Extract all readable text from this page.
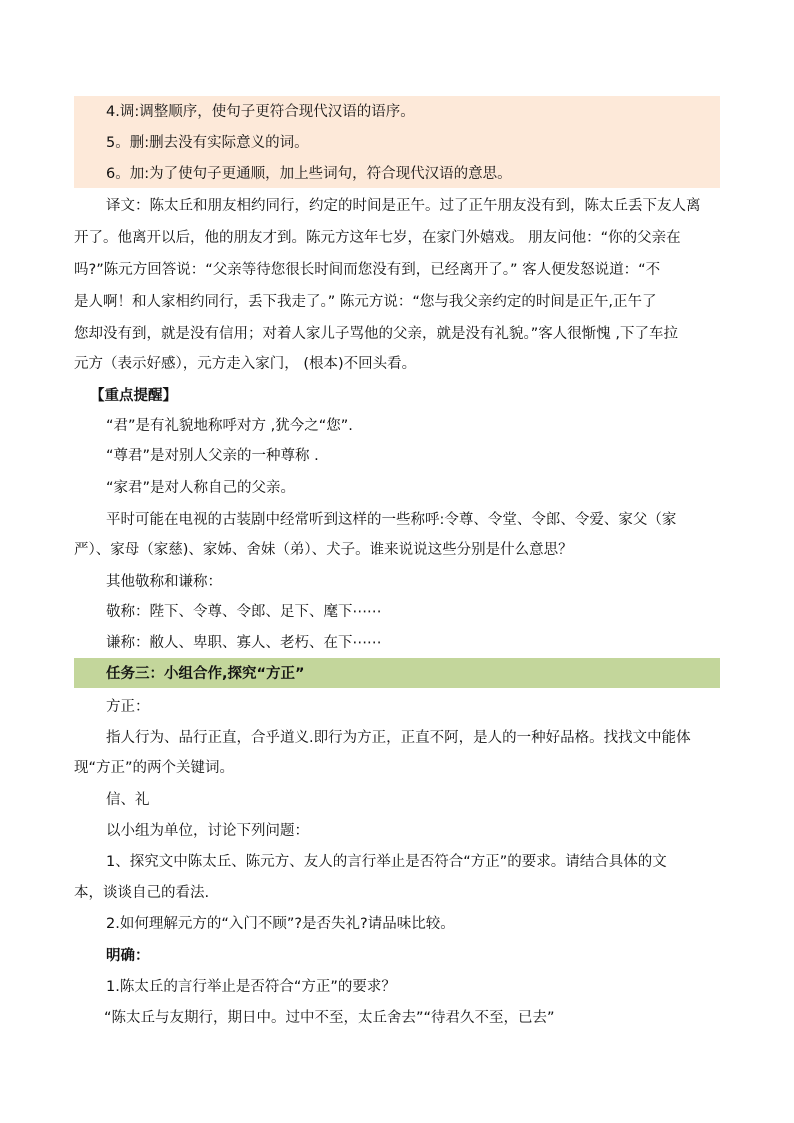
4.调:调整顺序，使句子更符合现代汉语的语序。
5。删:删去没有实际意义的词。
6。加:为了使句子更通顺，加上些词句，符合现代汉语的意思。
译文：陈太丘和朋友相约同行，约定的时间是正午。过了正午朋友没有到，陈太丘丢下友人离
开了。他离开以后，他的朋友才到。陈元方这年七岁，在家门外嬉戏。 朋友问他：“你的父亲在
吗?”陈元方回答说：“父亲等待您很长时间而您没有到，已经离开了。” 客人便发怒说道：“不
是人啊！和人家相约同行，丢下我走了。” 陈元方说：“您与我父亲约定的时间是正午,正午了
您却没有到，就是没有信用；对着人家儿子骂他的父亲，就是没有礼貌。”客人很惭愧 ,下了车拉
元方（表示好感），元方走入家门， (根本)不回头看。
【重点提醒】
“君”是有礼貌地称呼对方 ,犹今之“您”.
“尊君”是对别人父亲的一种尊称 .
“家君”是对人称自己的父亲。
平时可能在电视的古装剧中经常听到这样的一些称呼:令尊、令堂、令郎、令爱、家父（家
严）、家母（家慈)、家姊、舍妹（弟）、犬子。谁来说说这些分别是什么意思？
其他敬称和谦称：
敬称：陛下、令尊、令郎、足下、麾下⋯⋯
谦称：敝人、卑职、寡人、老朽、在下⋯⋯
任务三：小组合作,探究“方正”
方正：
指人行为、品行正直，合乎道义.即行为方正，正直不阿，是人的一种好品格。找找文中能体
现“方正”的两个关键词。
信、礼
以小组为单位，讨论下列问题：
1、探究文中陈太丘、陈元方、友人的言行举止是否符合“方正”的要求。请结合具体的文
本，谈谈自己的看法.
2.如何理解元方的“入门不顾”?是否失礼?请品味比较。
明确：
1.陈太丘的言行举止是否符合“方正”的要求？
“陈太丘与友期行，期日中。过中不至，太丘舍去”“待君久不至，已去”
